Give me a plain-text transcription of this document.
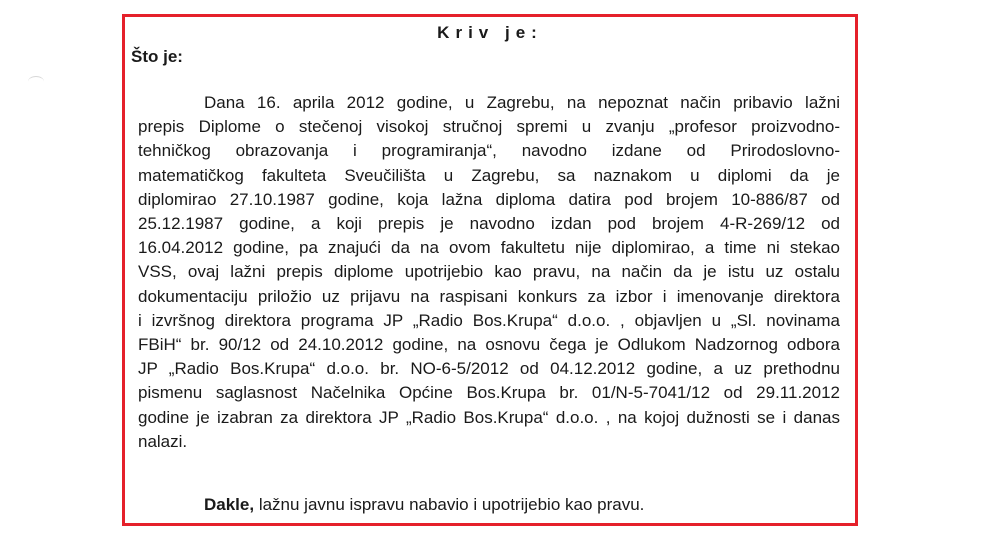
Kriv je:
Što je:
Dana 16. aprila 2012 godine, u Zagrebu, na nepoznat način pribavio lažni
prepis Diplome o stečenoj visokoj stručnoj spremi u zvanju „profesor proizvodno-
tehničkog obrazovanja i programiranja“, navodno izdane od Prirodoslovno-
matematičkog fakulteta Sveučilišta u Zagrebu, sa naznakom u diplomi da je
diplomirao 27.10.1987 godine, koja lažna diploma datira pod brojem 10-886/87 od
25.12.1987 godine, a koji prepis je navodno izdan pod brojem 4-R-269/12 od
16.04.2012 godine, pa znajući da na ovom fakultetu nije diplomirao, a time ni stekao
VSS, ovaj lažni prepis diplome upotrijebio kao pravu, na način da je istu uz ostalu
dokumentaciju priložio uz prijavu na raspisani konkurs za izbor i imenovanje direktora
i izvršnog direktora programa JP „Radio Bos.Krupa“ d.o.o. , objavljen u „Sl. novinama
FBiH“ br. 90/12 od 24.10.2012 godine, na osnovu čega je Odlukom Nadzornog odbora
JP „Radio Bos.Krupa“ d.o.o. br. NO-6-5/2012 od 04.12.2012 godine, a uz prethodnu
pismenu saglasnost Načelnika Općine Bos.Krupa br. 01/N-5-7041/12 od 29.11.2012
godine je izabran za direktora JP „Radio Bos.Krupa“ d.o.o. , na kojoj dužnosti se i danas
nalazi.
Dakle, lažnu javnu ispravu nabavio i upotrijebio kao pravu.
